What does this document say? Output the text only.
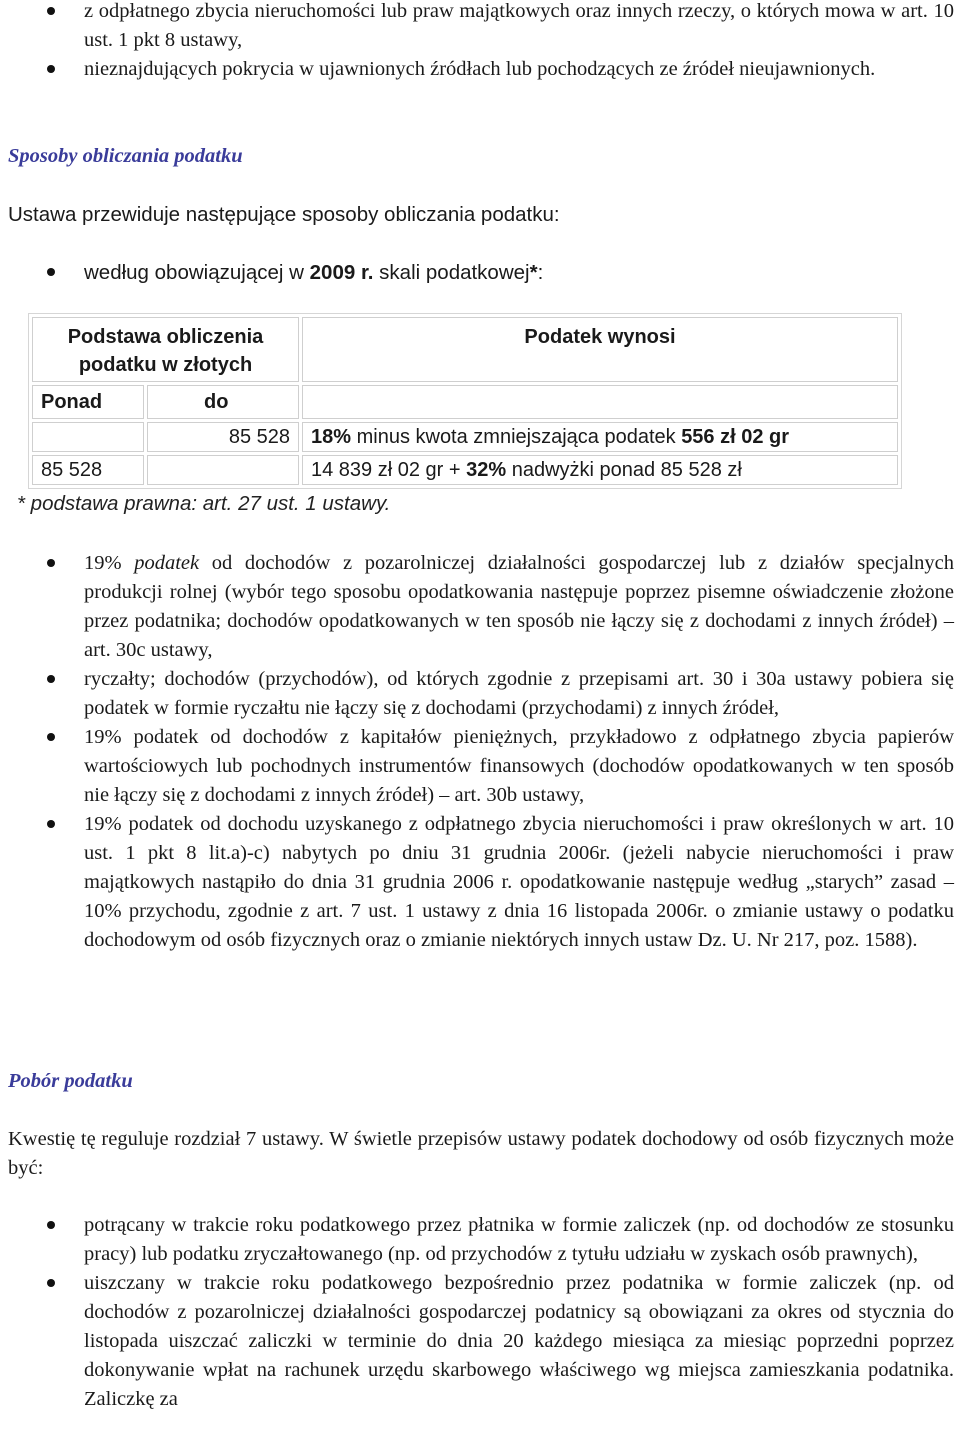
z odpłatnego zbycia nieruchomości lub praw majątkowych oraz innych rzeczy, o których mowa w art. 10 ust. 1 pkt 8 ustawy,
nieznajdujących pokrycia w ujawnionych źródłach lub pochodzących ze źródeł nieujawnionych.
Sposoby obliczania podatku
Ustawa przewiduje następujące sposoby obliczania podatku:
według obowiązującej w 2009 r. skali podatkowej*:
Podstawa obliczenia podatku w złotych		Podatek wynosi
Ponad	do	
	85 528	18% minus kwota zmniejszająca podatek 556 zł 02 gr
85 528		14 839 zł 02 gr + 32% nadwyżki ponad 85 528 zł
* podstawa prawna: art. 27 ust. 1 ustawy.
19% podatek od dochodów z pozarolniczej działalności gospodarczej lub z działów specjalnych produkcji rolnej (wybór tego sposobu opodatkowania następuje poprzez pisemne oświadczenie złożone przez podatnika; dochodów opodatkowanych w ten sposób nie łączy się z dochodami z innych źródeł) – art. 30c ustawy,
ryczałty; dochodów (przychodów), od których zgodnie z przepisami art. 30 i 30a ustawy pobiera się podatek w formie ryczałtu nie łączy się z dochodami (przychodami) z innych źródeł,
19% podatek od dochodów z kapitałów pieniężnych, przykładowo z odpłatnego zbycia papierów wartościowych lub pochodnych instrumentów finansowych (dochodów opodatkowanych w ten sposób nie łączy się z dochodami z innych źródeł) – art. 30b ustawy,
19% podatek od dochodu uzyskanego z odpłatnego zbycia nieruchomości i praw określonych w art. 10 ust. 1 pkt 8 lit.a)-c) nabytych po dniu 31 grudnia 2006r. (jeżeli nabycie nieruchomości i praw majątkowych nastąpiło do dnia 31 grudnia 2006 r. opodatkowanie następuje według „starych” zasad – 10% przychodu, zgodnie z art. 7 ust. 1 ustawy z dnia 16 listopada 2006r. o zmianie ustawy o podatku dochodowym od osób fizycznych oraz o zmianie niektórych innych ustaw Dz. U. Nr 217, poz. 1588).
Pobór podatku
Kwestię tę reguluje rozdział 7 ustawy. W świetle przepisów ustawy podatek dochodowy od osób fizycznych może być:
potrącany w trakcie roku podatkowego przez płatnika w formie zaliczek (np. od dochodów ze stosunku pracy) lub podatku zryczałtowanego (np. od przychodów z tytułu udziału w zyskach osób prawnych),
uiszczany w trakcie roku podatkowego bezpośrednio przez podatnika w formie zaliczek (np. od dochodów z pozarolniczej działalności gospodarczej podatnicy są obowiązani za okres od stycznia do listopada uiszczać zaliczki w terminie do dnia 20 każdego miesiąca za miesiąc poprzedni poprzez dokonywanie wpłat na rachunek urzędu skarbowego właściwego wg miejsca zamieszkania podatnika. Zaliczkę za
